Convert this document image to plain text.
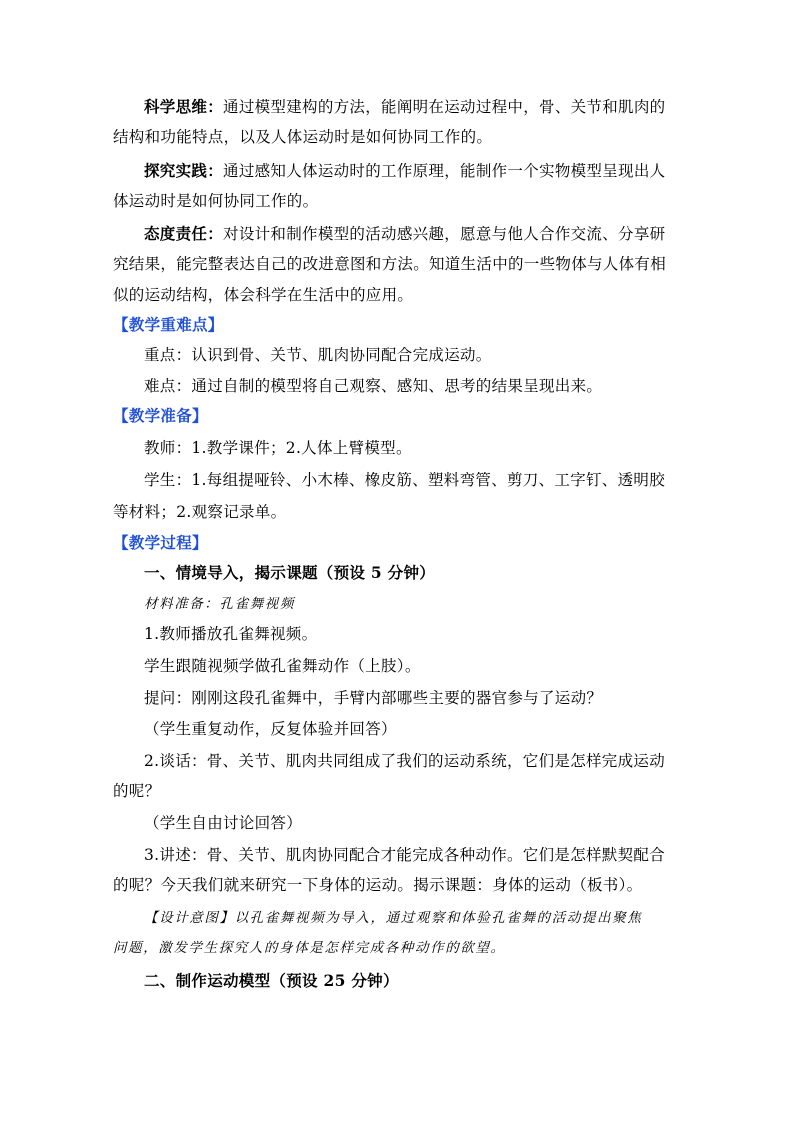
科学思维：通过模型建构的方法，能阐明在运动过程中，骨、关节和肌肉的
结构和功能特点，以及人体运动时是如何协同工作的。
探究实践：通过感知人体运动时的工作原理，能制作一个实物模型呈现出人
体运动时是如何协同工作的。
态度责任：对设计和制作模型的活动感兴趣，愿意与他人合作交流、分享研
究结果，能完整表达自己的改进意图和方法。知道生活中的一些物体与人体有相
似的运动结构，体会科学在生活中的应用。
【教学重难点】
重点：认识到骨、关节、肌肉协同配合完成运动。
难点：通过自制的模型将自己观察、感知、思考的结果呈现出来。
【教学准备】
教师：1.教学课件；2.人体上臂模型。
学生：1.每组提哑铃、小木棒、橡皮筋、塑料弯管、剪刀、工字钉、透明胶
等材料；2.观察记录单。
【教学过程】
一、情境导入，揭示课题（预设 5 分钟）
材料准备：孔雀舞视频
1.教师播放孔雀舞视频。
学生跟随视频学做孔雀舞动作（上肢）。
提问：刚刚这段孔雀舞中，手臂内部哪些主要的器官参与了运动？
（学生重复动作，反复体验并回答）
2.谈话：骨、关节、肌肉共同组成了我们的运动系统，它们是怎样完成运动
的呢？
（学生自由讨论回答）
3.讲述：骨、关节、肌肉协同配合才能完成各种动作。它们是怎样默契配合
的呢？今天我们就来研究一下身体的运动。揭示课题：身体的运动（板书）。
【设计意图】以孔雀舞视频为导入，通过观察和体验孔雀舞的活动提出聚焦
问题，激发学生探究人的身体是怎样完成各种动作的欲望。
二、制作运动模型（预设 25 分钟）
